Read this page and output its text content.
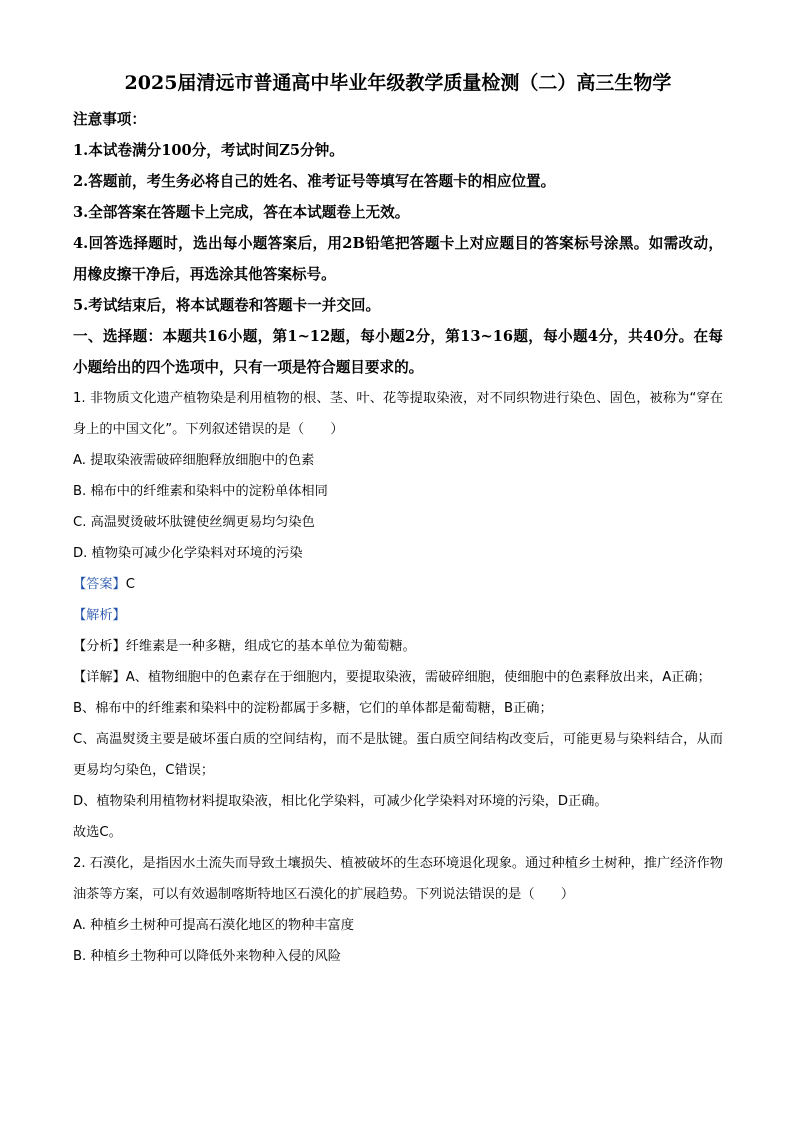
2025届清远市普通高中毕业年级教学质量检测（二）高三生物学

注意事项：

1.本试卷满分100分，考试时间Z5分钟。

2.答题前，考生务必将自己的姓名、准考证号等填写在答题卡的相应位置。

3.全部答案在答题卡上完成，答在本试题卷上无效。

4.回答选择题时，选出每小题答案后，用2B铅笔把答题卡上对应题目的答案标号涂黑。如需改动，用橡皮擦干净后，再选涂其他答案标号。

5.考试结束后，将本试题卷和答题卡一并交回。

一、选择题：本题共16小题，第1~12题，每小题2分，第13~16题，每小题4分，共40分。在每小题给出的四个选项中，只有一项是符合题目要求的。

1. 非物质文化遗产植物染是利用植物的根、茎、叶、花等提取染液，对不同织物进行染色、固色，被称为“穿在身上的中国文化”。下列叙述错误的是（　　）

A. 提取染液需破碎细胞释放细胞中的色素

B. 棉布中的纤维素和染料中的淀粉单体相同

C. 高温熨烫破坏肽键使丝绸更易均匀染色

D. 植物染可减少化学染料对环境的污染

【答案】C

【解析】

【分析】纤维素是一种多糖，组成它的基本单位为葡萄糖。

【详解】A、植物细胞中的色素存在于细胞内，要提取染液，需破碎细胞，使细胞中的色素释放出来，A正确；

B、棉布中的纤维素和染料中的淀粉都属于多糖，它们的单体都是葡萄糖，B正确；

C、高温熨烫主要是破坏蛋白质的空间结构，而不是肽键。蛋白质空间结构改变后，可能更易与染料结合，从而更易均匀染色，C错误；

D、植物染利用植物材料提取染液，相比化学染料，可减少化学染料对环境的污染，D正确。

故选C。

2. 石漠化，是指因水土流失而导致土壤损失、植被破坏的生态环境退化现象。通过种植乡土树种，推广经济作物油茶等方案，可以有效遏制喀斯特地区石漠化的扩展趋势。下列说法错误的是（　　）

A. 种植乡土树种可提高石漠化地区的物种丰富度

B. 种植乡土物种可以降低外来物种入侵的风险
